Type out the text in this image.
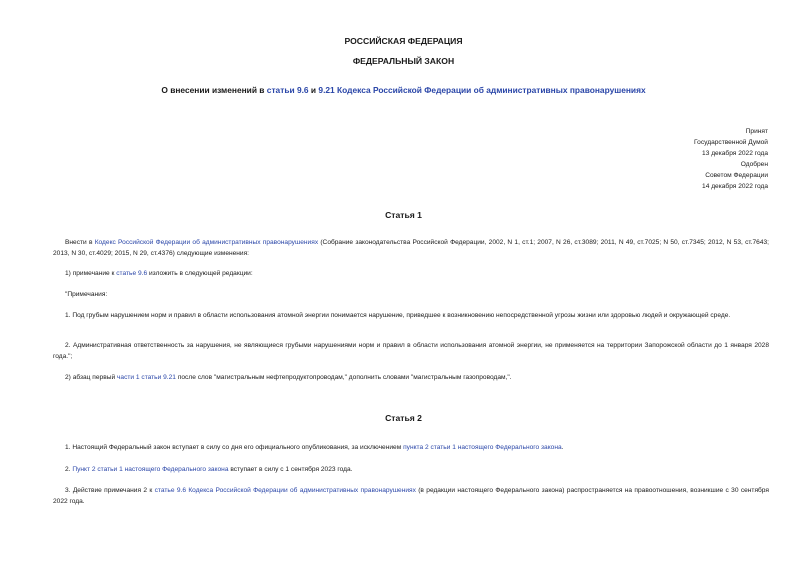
РОССИЙСКАЯ ФЕДЕРАЦИЯ
ФЕДЕРАЛЬНЫЙ ЗАКОН
О внесении изменений в статьи 9.6 и 9.21 Кодекса Российской Федерации об административных правонарушениях
Принят
Государственной Думой
13 декабря 2022 года
Одобрен
Советом Федерации
14 декабря 2022 года
Статья 1
Внести в Кодекс Российской Федерации об административных правонарушениях (Собрание законодательства Российской Федерации, 2002, N 1, ст.1; 2007, N 26, ст.3089; 2011, N 49, ст.7025; N 50, ст.7345; 2012, N 53, ст.7643; 2013, N 30, ст.4029; 2015, N 29, ст.4376) следующие изменения:
1) примечание к статье 9.6 изложить в следующей редакции:
"Примечания:
1. Под грубым нарушением норм и правил в области использования атомной энергии понимается нарушение, приведшее к возникновению непосредственной угрозы жизни или здоровью людей и окружающей среде.
2. Административная ответственность за нарушения, не являющиеся грубыми нарушениями норм и правил в области использования атомной энергии, не применяется на территории Запорожской области до 1 января 2028 года.";
2) абзац первый части 1 статьи 9.21 после слов "магистральным нефтепродуктопроводам," дополнить словами "магистральным газопроводам,".
Статья 2
1. Настоящий Федеральный закон вступает в силу со дня его официального опубликования, за исключением пункта 2 статьи 1 настоящего Федерального закона.
2. Пункт 2 статьи 1 настоящего Федерального закона вступает в силу с 1 сентября 2023 года.
3. Действие примечания 2 к статье 9.6 Кодекса Российской Федерации об административных правонарушениях (в редакции настоящего Федерального закона) распространяется на правоотношения, возникшие с 30 сентября 2022 года.
